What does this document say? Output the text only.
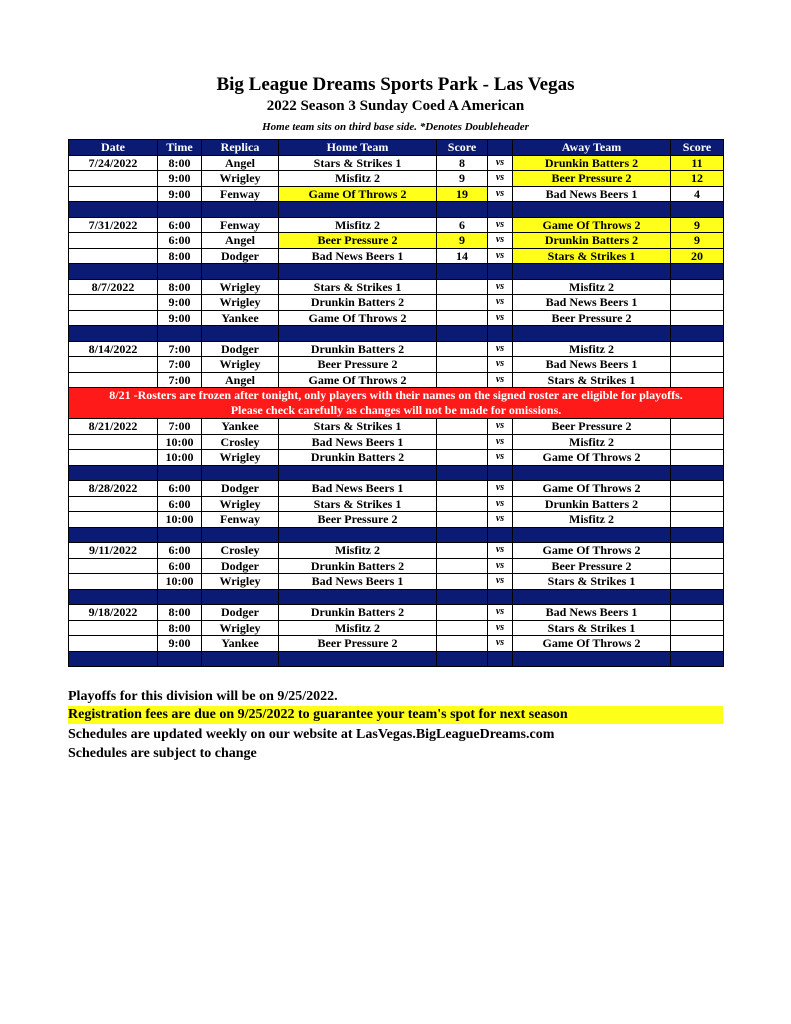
Big League Dreams Sports Park - Las Vegas
2022 Season 3 Sunday Coed A American
Home team sits on third base side. *Denotes Doubleheader
Date	Time	Replica	Home Team	Score		Away Team	Score
7/24/2022	8:00	Angel	Stars & Strikes 1	8	vs	Drunkin Batters 2	11
	9:00	Wrigley	Misfitz 2	9	vs	Beer Pressure 2	12
	9:00	Fenway	Game Of Throws 2	19	vs	Bad News Beers 1	4

7/31/2022	6:00	Fenway	Misfitz 2	6	vs	Game Of Throws 2	9
	6:00	Angel	Beer Pressure 2	9	vs	Drunkin Batters 2	9
	8:00	Dodger	Bad News Beers 1	14	vs	Stars & Strikes 1	20

8/7/2022	8:00	Wrigley	Stars & Strikes 1		vs	Misfitz 2	
	9:00	Wrigley	Drunkin Batters 2		vs	Bad News Beers 1	
	9:00	Yankee	Game Of Throws 2		vs	Beer Pressure 2	

8/14/2022	7:00	Dodger	Drunkin Batters 2		vs	Misfitz 2	
	7:00	Wrigley	Beer Pressure 2		vs	Bad News Beers 1	
	7:00	Angel	Game Of Throws 2		vs	Stars & Strikes 1	

8/21 -Rosters are frozen after tonight, only players with their names on the signed roster are eligible for playoffs.
Please check carefully as changes will not be made for omissions.							

8/21/2022	7:00	Yankee	Stars & Strikes 1		vs	Beer Pressure 2	
	10:00	Crosley	Bad News Beers 1		vs	Misfitz 2	
	10:00	Wrigley	Drunkin Batters 2		vs	Game Of Throws 2	

8/28/2022	6:00	Dodger	Bad News Beers 1		vs	Game Of Throws 2	
	6:00	Wrigley	Stars & Strikes 1		vs	Drunkin Batters 2	
	10:00	Fenway	Beer Pressure 2		vs	Misfitz 2	

9/11/2022	6:00	Crosley	Misfitz 2		vs	Game Of Throws 2	
	6:00	Dodger	Drunkin Batters 2		vs	Beer Pressure 2	
	10:00	Wrigley	Bad News Beers 1		vs	Stars & Strikes 1	

9/18/2022	8:00	Dodger	Drunkin Batters 2		vs	Bad News Beers 1	
	8:00	Wrigley	Misfitz 2		vs	Stars & Strikes 1	
	9:00	Yankee	Beer Pressure 2		vs	Game Of Throws 2	

Playoffs for this division will be on 9/25/2022.
Registration fees are due on 9/25/2022 to guarantee your team's spot for next season
Schedules are updated weekly on our website at LasVegas.BigLeagueDreams.com
Schedules are subject to change
